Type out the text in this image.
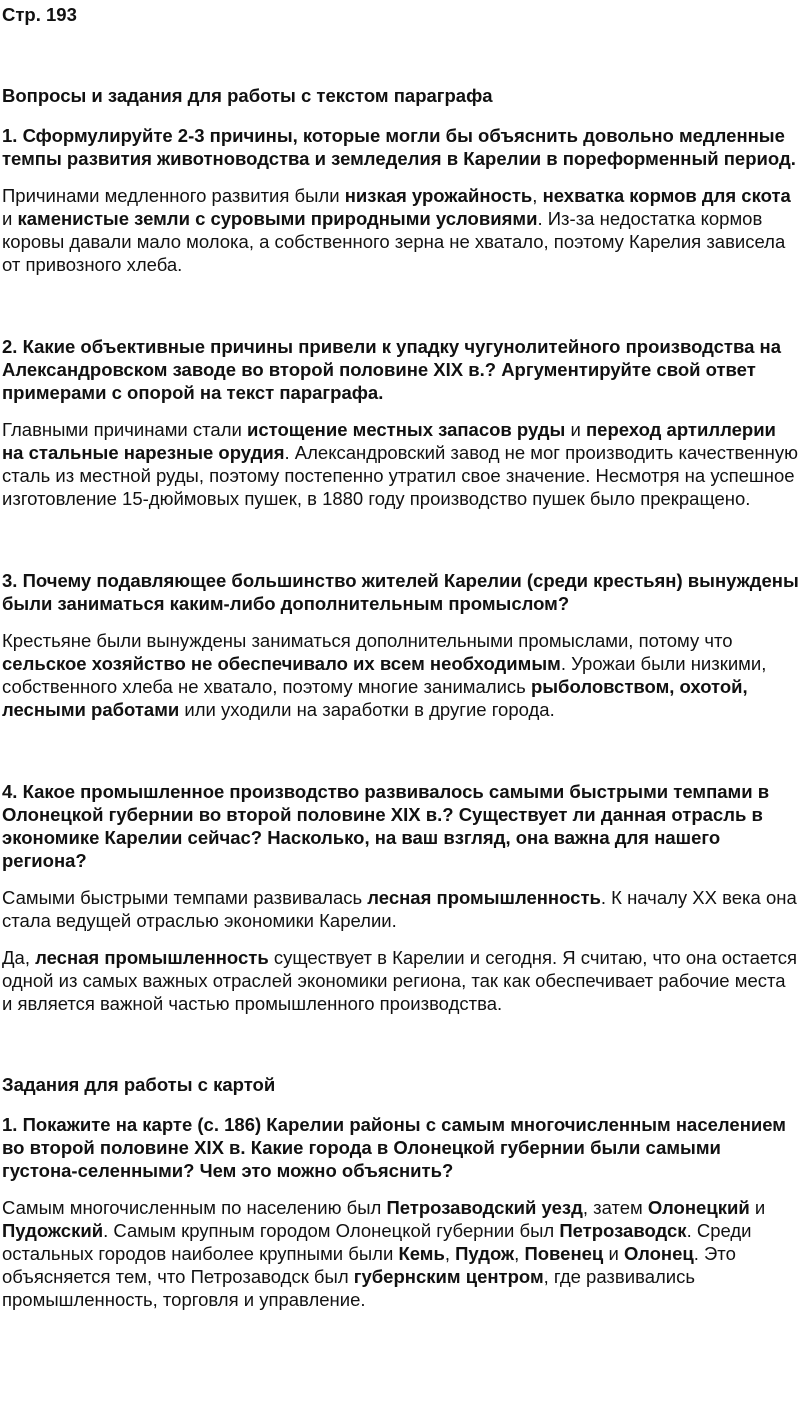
Стр. 193

Вопросы и задания для работы с текстом параграфа

1. Сформулируйте 2-3 причины, которые могли бы объяснить довольно медленные темпы развития животноводства и земледелия в Карелии в пореформенный период.

Причинами медленного развития были низкая урожайность, нехватка кормов для скота и каменистые земли с суровыми природными условиями. Из-за недостатка кормов коровы давали мало молока, а собственного зерна не хватало, поэтому Карелия зависела от привозного хлеба.

2. Какие объективные причины привели к упадку чугунолитейного производства на Александровском заводе во второй половине XIX в.? Аргументируйте свой ответ примерами с опорой на текст параграфа.

Главными причинами стали истощение местных запасов руды и переход артиллерии на стальные нарезные орудия. Александровский завод не мог производить качественную сталь из местной руды, поэтому постепенно утратил свое значение. Несмотря на успешное изготовление 15-дюймовых пушек, в 1880 году производство пушек было прекращено.

3. Почему подавляющее большинство жителей Карелии (среди крестьян) вынуждены были заниматься каким-либо дополнительным промыслом?

Крестьяне были вынуждены заниматься дополнительными промыслами, потому что сельское хозяйство не обеспечивало их всем необходимым. Урожаи были низкими, собственного хлеба не хватало, поэтому многие занимались рыболовством, охотой, лесными работами или уходили на заработки в другие города.

4. Какое промышленное производство развивалось самыми быстрыми темпами в Олонецкой губернии во второй половине XIX в.? Существует ли данная отрасль в экономике Карелии сейчас? Насколько, на ваш взгляд, она важна для нашего региона?

Самыми быстрыми темпами развивалась лесная промышленность. К началу XX века она стала ведущей отраслью экономики Карелии.

Да, лесная промышленность существует в Карелии и сегодня. Я считаю, что она остается одной из самых важных отраслей экономики региона, так как обеспечивает рабочие места и является важной частью промышленного производства.

Задания для работы с картой

1. Покажите на карте (с. 186) Карелии районы с самым многочисленным населением во второй половине XIX в. Какие города в Олонецкой губернии были самыми густона-селенными? Чем это можно объяснить?

Самым многочисленным по населению был Петрозаводский уезд, затем Олонецкий и Пудожский. Самым крупным городом Олонецкой губернии был Петрозаводск. Среди остальных городов наиболее крупными были Кемь, Пудож, Повенец и Олонец. Это объясняется тем, что Петрозаводск был губернским центром, где развивались промышленность, торговля и управление.
